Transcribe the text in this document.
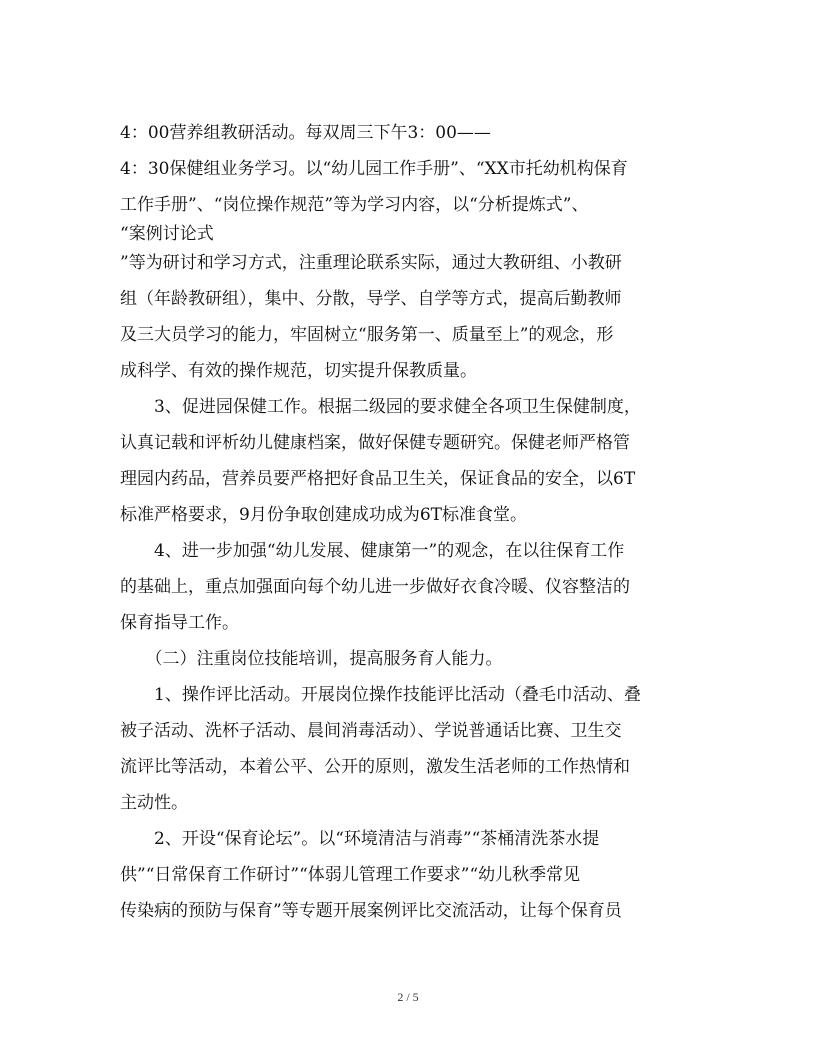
4：00营养组教研活动。每双周三下午3：00——
4：30保健组业务学习。以“幼儿园工作手册”、“XX市托幼机构保育
工作手册”、“岗位操作规范”等为学习内容，以“分析提炼式”、
“案例讨论式
”等为研讨和学习方式，注重理论联系实际，通过大教研组、小教研
组（年龄教研组），集中、分散，导学、自学等方式，提高后勤教师
及三大员学习的能力，牢固树立“服务第一、质量至上”的观念，形
成科学、有效的操作规范，切实提升保教质量。
　　3、促进园保健工作。根据二级园的要求健全各项卫生保健制度，
认真记载和评析幼儿健康档案，做好保健专题研究。保健老师严格管
理园内药品，营养员要严格把好食品卫生关，保证食品的安全，以6T
标准严格要求，9月份争取创建成功成为6T标准食堂。
　　4、进一步加强“幼儿发展、健康第一”的观念，在以往保育工作
的基础上，重点加强面向每个幼儿进一步做好衣食冷暖、仪容整洁的
保育指导工作。
　　（二）注重岗位技能培训，提高服务育人能力。
　　1、操作评比活动。开展岗位操作技能评比活动（叠毛巾活动、叠
被子活动、洗杯子活动、晨间消毒活动）、学说普通话比赛、卫生交
流评比等活动，本着公平、公开的原则，激发生活老师的工作热情和
主动性。
　　2、开设“保育论坛”。以“环境清洁与消毒”“茶桶清洗茶水提
供”“日常保育工作研讨”“体弱儿管理工作要求”“幼儿秋季常见
传染病的预防与保育”等专题开展案例评比交流活动，让每个保育员
2 / 5
